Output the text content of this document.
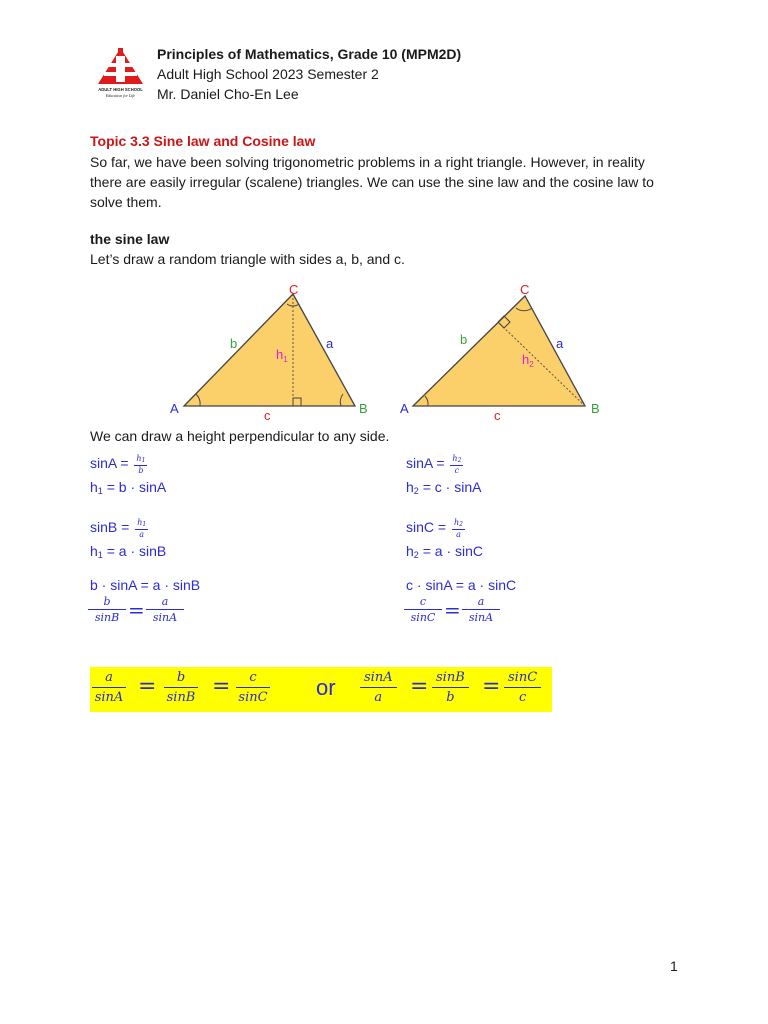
ADULT HIGH SCHOOL
Education for Life
Principles of Mathematics, Grade 10 (MPM2D)
Adult High School 2023 Semester 2
Mr. Daniel Cho-En Lee
Topic 3.3 Sine law and Cosine law
So far, we have been solving trigonometric problems in a right triangle. However, in reality
there are easily irregular (scalene) triangles. We can use the sine law and the cosine law to
solve them.
the sine law
Let’s draw a random triangle with sides a, b, and c.
A	B
C
a
b
c
$h_1$
A	B
C
a
b
c
$h_2$
We can draw a height perpendicular to any side.
$\sin A = \frac{h_1}{b}$
$h_1 = b \cdot \sin A$
$\sin B = \frac{h_1}{a}$
$h_1 = a \cdot \sin B$
b · sinA = a · sinB
b
sinB =	a
sinA
$\sin A = \frac{h_2}{c}$
$h_2 = c \cdot \sin A$
$\sin C = \frac{h_2}{a}$
$h_2 = a \cdot \sin C$
c · sinA = a · sinC
c
sinC =	a
sinA
$\frac{a}{\sin A} = \frac{b}{\sin B} = \frac{c}{\sin C}$ or $\frac{\sin A}{a} = \frac{\sin B}{b} = \frac{\sin C}{c}$
1
